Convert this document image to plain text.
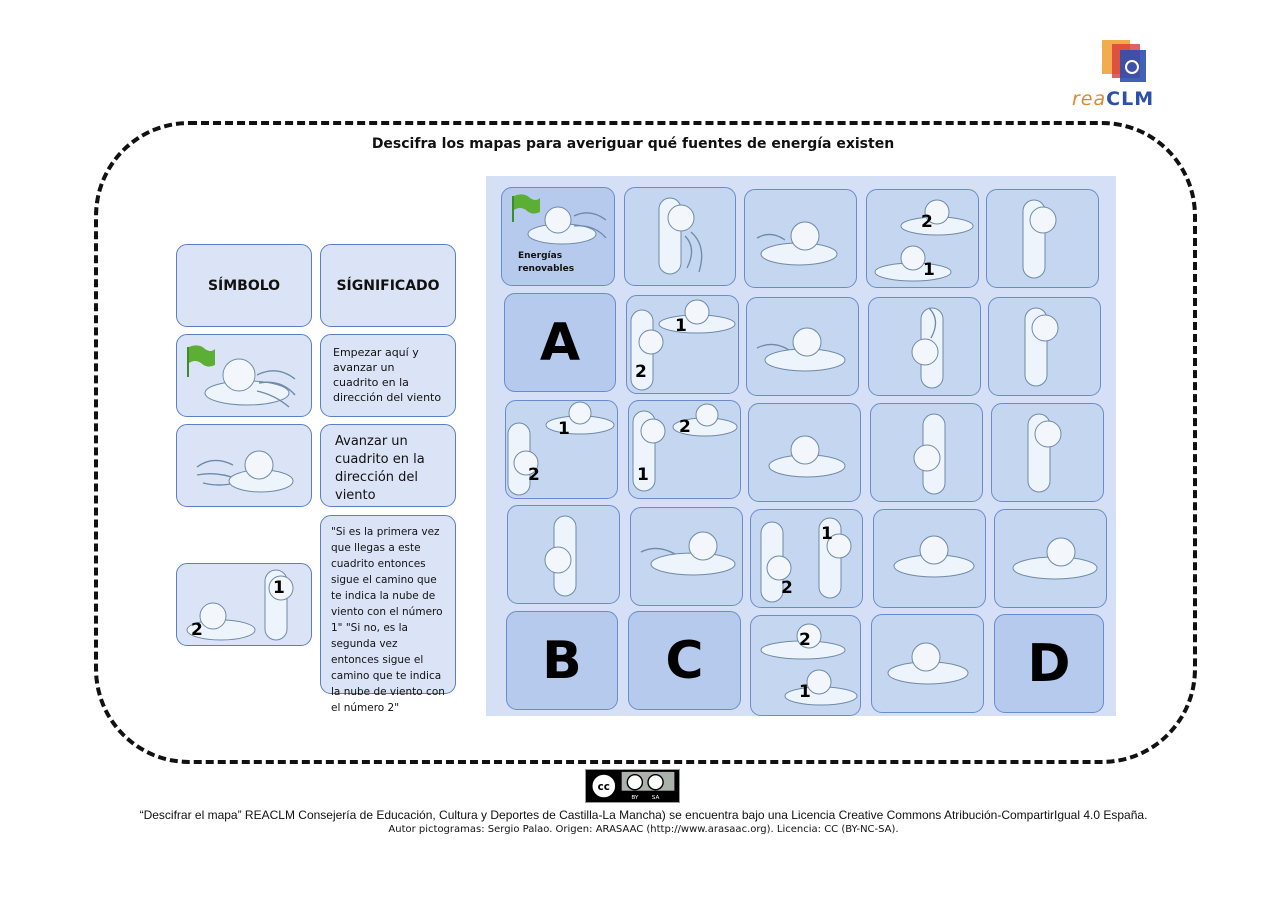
reaCLM
Descifra los mapas para averiguar qué fuentes de energía existen
SÍMBOLO	SÍGNIFICADO
Empezar aquí y avanzar un cuadrito en la dirección del viento
Avanzar un cuadrito en la dirección del viento
1
2
"Si es la primera vez que llegas a este cuadrito entonces sigue el camino que te indica la nube de viento con el número 1" "Si no, es la segunda vez entonces sigue el camino que te indica la nube de viento con el número 2"
Energías renovables
2
1
A	1
2
1
2
2
1
1
2
B	C	2
1	D
cc
BY SA
“Descifrar el mapa” REACLM Consejería de Educación, Cultura y Deportes de Castilla-La Mancha) se encuentra bajo una Licencia Creative Commons Atribución-CompartirIgual 4.0 España.
Autor pictogramas: Sergio Palao. Origen: ARASAAC (http://www.arasaac.org). Licencia: CC (BY-NC-SA).
